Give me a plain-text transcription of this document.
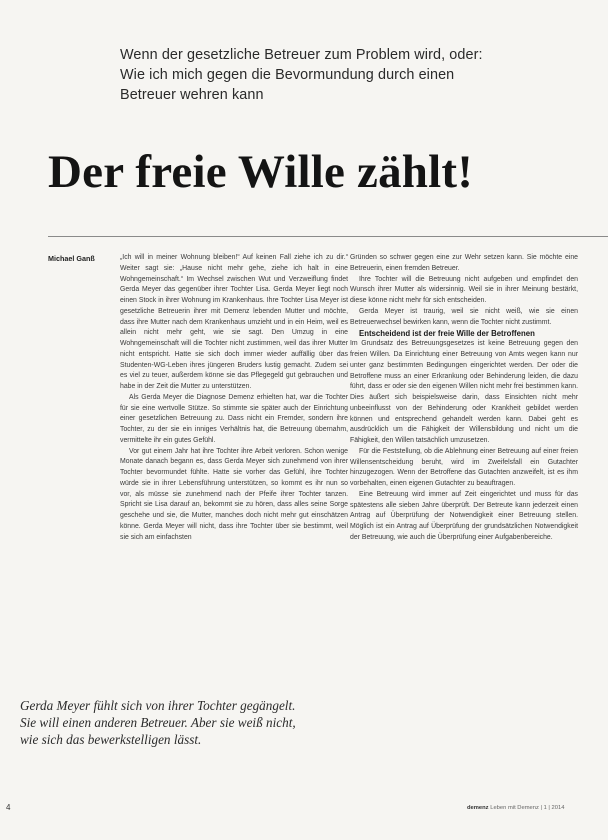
Wenn der gesetzliche Betreuer zum Problem wird, oder:
Wie ich mich gegen die Bevormundung durch einen
Betreuer wehren kann
Der freie Wille zählt!
Michael Ganß	„Ich will in meiner Wohnung bleiben!“ Auf keinen Fall ziehe ich zu dir.“ Weiter sagt sie: „Hause nicht mehr gehe, ziehe ich halt in eine Wohngemeinschaft.“ Im Wechsel zwischen Wut und Verzweiflung findet Gerda Meyer das gegenüber ihrer Tochter Lisa. Gerda Meyer liegt noch einen Stock in ihrer Wohnung im Krankenhaus. Ihre Tochter Lisa Meyer ist gesetzliche Betreuerin ihrer mit Demenz lebenden Mutter und möchte, dass ihre Mutter nach dem Krankenhaus umzieht und in ein Heim, weil es allein nicht mehr geht, wie sie sagt. Den Umzug in eine Wohngemeinschaft will die Tochter nicht zustimmen, weil das ihrer Mutter nicht entspricht. Hatte sie sich doch immer wieder auffällig über das Studenten-WG-Leben ihres jüngeren Bruders lustig gemacht. Zudem sei es viel zu teuer, außerdem könne sie das Pflegegeld gut gebrauchen und habe in der Zeit die Mutter zu unterstützen.

Als Gerda Meyer die Diagnose Demenz erhielten hat, war die Tochter für sie eine wertvolle Stütze. So stimmte sie später auch der Einrichtung einer gesetzlichen Betreuung zu. Dass nicht ein Fremder, sondern ihre Tochter, zu der sie ein inniges Verhältnis hat, die Betreuung übernahm, vermittelte ihr ein gutes Gefühl.

Vor gut einem Jahr hat ihre Tochter ihre Arbeit verloren. Schon wenige Monate danach begann es, dass Gerda Meyer sich zunehmend von ihrer Tochter bevormundet fühlte. Hatte sie vorher das Gefühl, ihre Tochter würde sie in ihrer Lebensführung unterstützen, so kommt es ihr nun so vor, als müsse sie zunehmend nach der Pfeife ihrer Tochter tanzen. Spricht sie Lisa darauf an, bekommt sie zu hören, dass alles seine Sorge geschehe und sie, die Mutter, manches doch nicht mehr gut einschätzen könne. Gerda Meyer will nicht, dass ihre Tochter über sie bestimmt, weil sie sich am einfachsten

Gründen so schwer gegen eine zur Wehr setzen kann. Sie möchte eine Betreuerin, einen fremden Betreuer.

Ihre Tochter will die Betreuung nicht aufgeben und empfindet den Wunsch ihrer Mutter als widersinnig. Weil sie in ihrer Meinung bestärkt, diese könne nicht mehr für sich entscheiden.

Gerda Meyer ist traurig, weil sie nicht weiß, wie sie einen Betreuerwechsel bewirken kann, wenn die Tochter nicht zustimmt.

Entscheidend ist der freie Wille der Betroffenen

Im Grundsatz des Betreuungsgesetzes ist keine Betreuung gegen den freien Willen. Da Einrichtung einer Betreuung von Amts wegen kann nur unter ganz bestimmten Bedingungen eingerichtet werden. Der oder die Betroffene muss an einer Erkrankung oder Behinderung leiden, die dazu führt, dass er oder sie den eigenen Willen nicht mehr frei bestimmen kann. Dies äußert sich beispielsweise darin, dass Einsichten nicht mehr unbeeinflusst von der Behinderung oder Krankheit gebildet werden können und entsprechend gehandelt werden kann. Dabei geht es ausdrücklich um die Fähigkeit der Willensbildung und nicht um die Fähigkeit, den Willen tatsächlich umzusetzen.

Für die Feststellung, ob die Ablehnung einer Betreuung auf einer freien Willensentscheidung beruht, wird im Zweifelsfall ein Gutachter hinzugezogen. Wenn der Betroffene das Gutachten anzweifelt, ist es ihm vorbehalten, einen eigenen Gutachter zu beauftragen.

Eine Betreuung wird immer auf Zeit eingerichtet und muss für das spätestens alle sieben Jahre überprüft. Der Betreute kann jederzeit einen Antrag auf Überprüfung der Notwendigkeit einer Betreuung stellen. Möglich ist ein Antrag auf Überprüfung der grundsätzlichen Notwendigkeit der Betreuung, wie auch die Überprüfung einer Aufgabenbereiche.

Gerda Meyer fühlt sich von ihrer Tochter gegängelt.
Sie will einen anderen Betreuer. Aber sie weiß nicht,
wie sich das bewerkstelligen lässt.
4	demenz Leben mit Demenz | 1 | 2014
